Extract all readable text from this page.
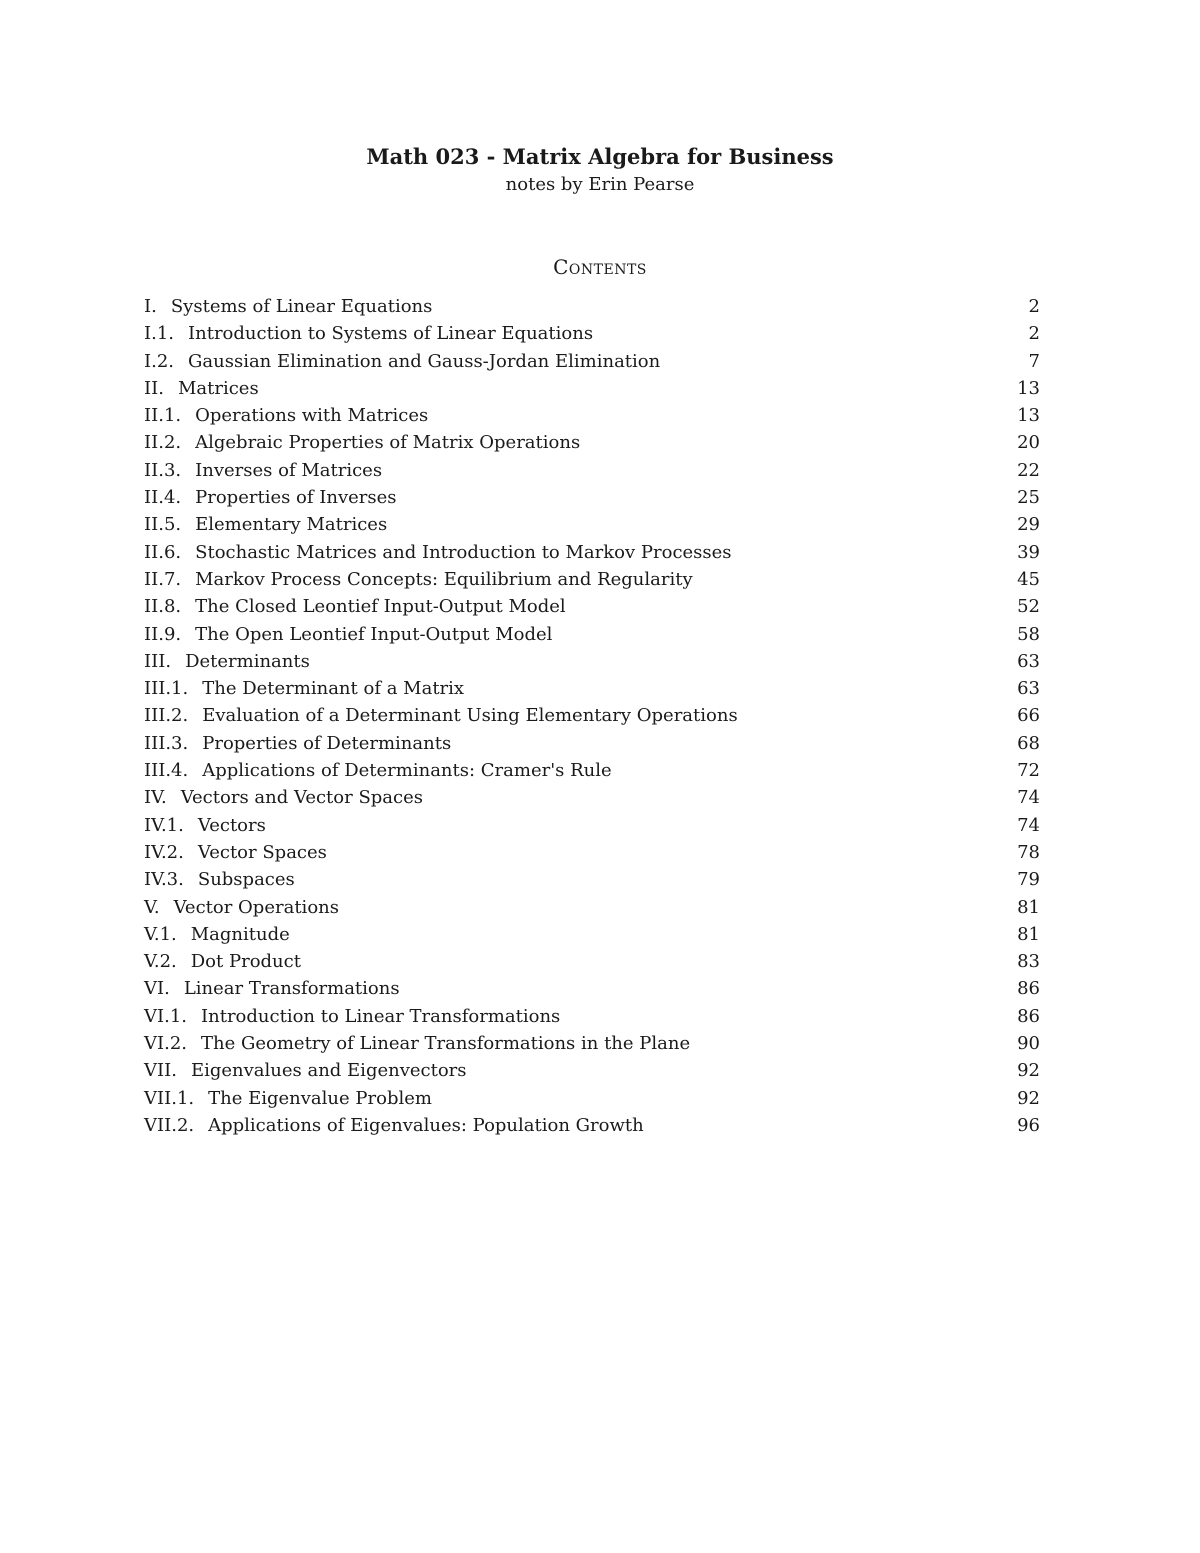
Math 023 - Matrix Algebra for Business

notes by Erin Pearse

Contents
I. Systems of Linear Equations	2
I.1. Introduction to Systems of Linear Equations	2
I.2. Gaussian Elimination and Gauss-Jordan Elimination	7
II. Matrices	13
II.1. Operations with Matrices	13
II.2. Algebraic Properties of Matrix Operations	20
II.3. Inverses of Matrices	22
II.4. Properties of Inverses	25
II.5. Elementary Matrices	29
II.6. Stochastic Matrices and Introduction to Markov Processes	39
II.7. Markov Process Concepts: Equilibrium and Regularity	45
II.8. The Closed Leontief Input-Output Model	52
II.9. The Open Leontief Input-Output Model	58
III. Determinants	63
III.1. The Determinant of a Matrix	63
III.2. Evaluation of a Determinant Using Elementary Operations	66
III.3. Properties of Determinants	68
III.4. Applications of Determinants: Cramer's Rule	72
IV. Vectors and Vector Spaces	74
IV.1. Vectors	74
IV.2. Vector Spaces	78
IV.3. Subspaces	79
V. Vector Operations	81
V.1. Magnitude	81
V.2. Dot Product	83
VI. Linear Transformations	86
VI.1. Introduction to Linear Transformations	86
VI.2. The Geometry of Linear Transformations in the Plane	90
VII. Eigenvalues and Eigenvectors	92
VII.1. The Eigenvalue Problem	92
VII.2. Applications of Eigenvalues: Population Growth	96
